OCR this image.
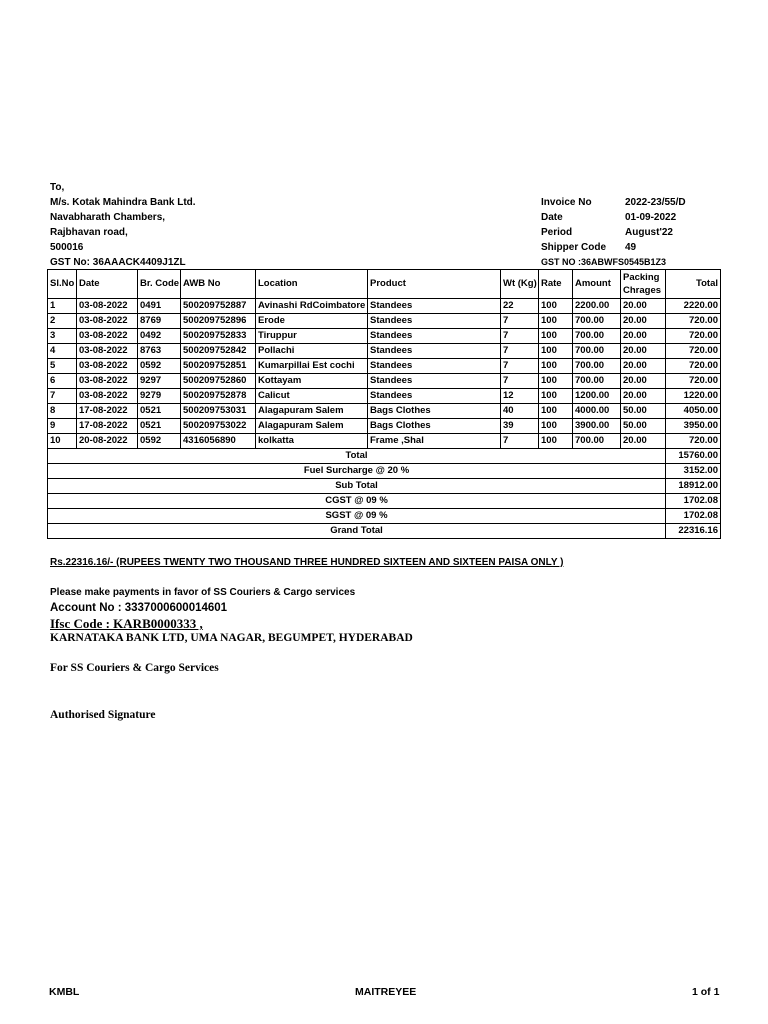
To,
M/s. Kotak Mahindra Bank Ltd.
Navabharath Chambers,
Rajbhavan road,
500016
GST No: 36AAACK4409J1ZL
Invoice No	2022-23/55/D
Date	01-09-2022
Period	August'22
Shipper Code	49
GST NO :36ABWFS0545B1Z3
Sl.No	Date	Br. Code	AWB No	Location	Product	Wt (Kg)	Rate	Amount	Packing Chrages	Total
1	03-08-2022	0491	500209752887	Avinashi RdCoimbatore	Standees	22	100	2200.00	20.00	2220.00
2	03-08-2022	8769	500209752896	Erode	Standees	7	100	700.00	20.00	720.00
3	03-08-2022	0492	500209752833	Tiruppur	Standees	7	100	700.00	20.00	720.00
4	03-08-2022	8763	500209752842	Pollachi	Standees	7	100	700.00	20.00	720.00
5	03-08-2022	0592	500209752851	Kumarpillai Est cochi	Standees	7	100	700.00	20.00	720.00
6	03-08-2022	9297	500209752860	Kottayam	Standees	7	100	700.00	20.00	720.00
7	03-08-2022	9279	500209752878	Calicut	Standees	12	100	1200.00	20.00	1220.00
8	17-08-2022	0521	500209753031	Alagapuram Salem	Bags Clothes	40	100	4000.00	50.00	4050.00
9	17-08-2022	0521	500209753022	Alagapuram Salem	Bags Clothes	39	100	3900.00	50.00	3950.00
10	20-08-2022	0592	4316056890	kolkatta	Frame ,Shal	7	100	700.00	20.00	720.00
Total										15760.00
Fuel Surcharge @ 20 %										3152.00
Sub Total										18912.00
CGST @ 09 %										1702.08
SGST @ 09 %										1702.08
Grand Total										22316.16
Rs.22316.16/- (RUPEES TWENTY TWO THOUSAND THREE HUNDRED SIXTEEN AND SIXTEEN PAISA ONLY )
Please make payments in favor of SS Couriers & Cargo services
Account No : 3337000600014601
Ifsc Code : KARB0000333 ,
KARNATAKA BANK LTD, UMA NAGAR, BEGUMPET, HYDERABAD
For SS Couriers & Cargo Services
Authorised Signature
KMBL	MAITREYEE	1 of 1
